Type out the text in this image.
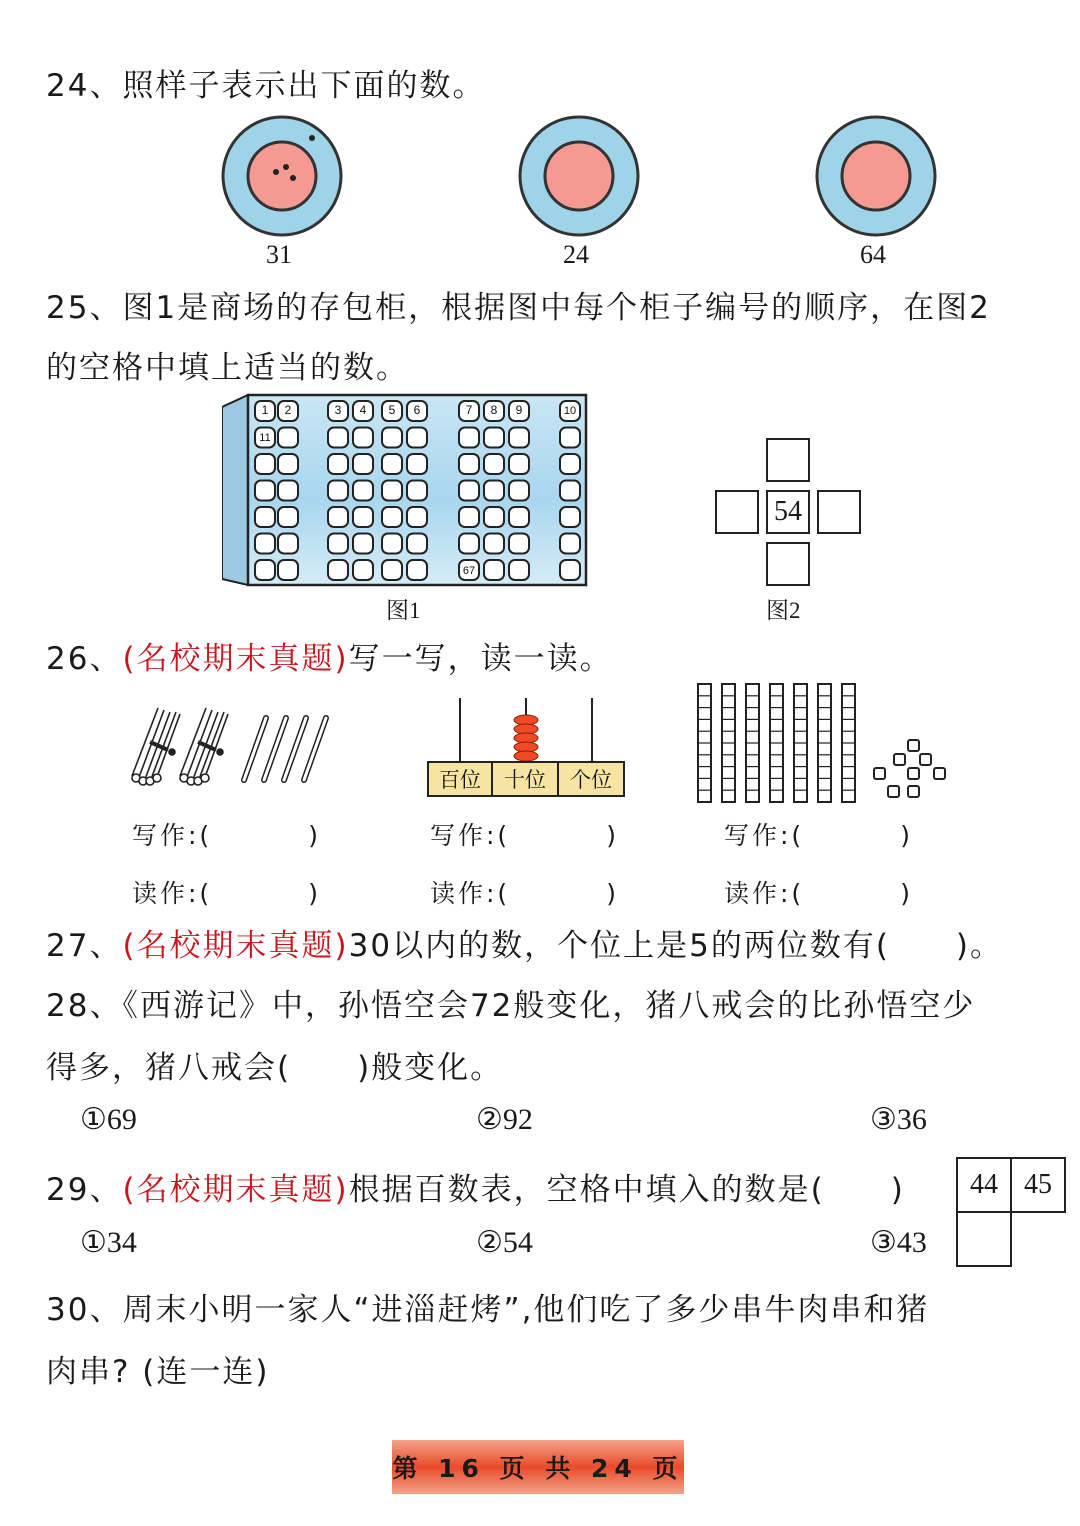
24、照样子表示出下面的数。
31	24	64
25、图1是商场的存包柜，根据图中每个柜子编号的顺序，在图2
的空格中填上适当的数。
1 2	3 4 5 6	7 8 9	10
11
67
54
图1	图2
26、(名校期末真题)写一写，读一读。
百位 十位 个位
写作:(	)	写作:(	)	写作:(	)
读作:(	)	读作:(	)	读作:(	)
27、(名校期末真题)30以内的数，个位上是5的两位数有(　　)。
28、《西游记》中，孙悟空会72般变化，猪八戒会的比孙悟空少
得多，猪八戒会(　　)般变化。
①69	②92	③36
29、(名校期末真题)根据百数表，空格中填入的数是(　　)	44 45
①34	②54	③43
30、周末小明一家人“进淄赶烤”,他们吃了多少串牛肉串和猪
肉串? (连一连)
第 16 页 共 24 页
